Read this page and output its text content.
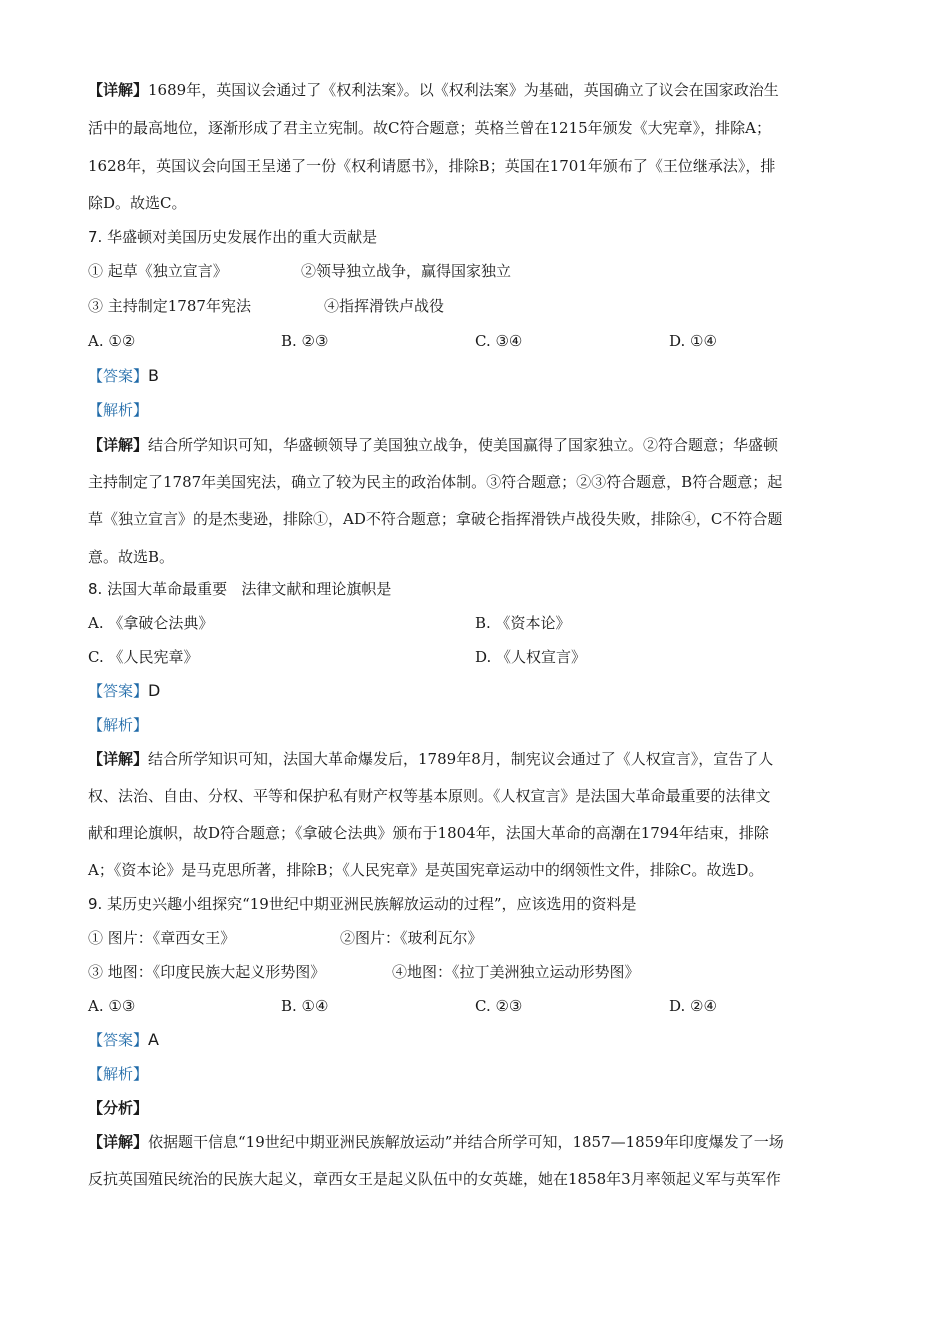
【详解】1689年，英国议会通过了《权利法案》。以《权利法案》为基础，英国确立了议会在国家政治生
活中的最高地位，逐渐形成了君主立宪制。故C符合题意；英格兰曾在1215年颁发《大宪章》，排除A；
1628年，英国议会向国王呈递了一份《权利请愿书》，排除B；英国在1701年颁布了《王位继承法》，排
除D。故选C。
7. 华盛顿对美国历史发展作出的重大贡献是
① 起草《独立宣言》	②领导独立战争，赢得国家独立
③ 主持制定1787年宪法	④指挥滑铁卢战役
A. ①②	B. ②③	C. ③④	D. ①④
【答案】B
【解析】
【详解】结合所学知识可知，华盛顿领导了美国独立战争，使美国赢得了国家独立。②符合题意；华盛顿
主持制定了1787年美国宪法，确立了较为民主的政治体制。③符合题意；②③符合题意，B符合题意；起
草《独立宣言》的是杰斐逊，排除①，AD不符合题意；拿破仑指挥滑铁卢战役失败，排除④，C不符合题
意。故选B。
8. 法国大革命最重要   法律文献和理论旗帜是
A. 《拿破仑法典》	B. 《资本论》
C. 《人民宪章》	D. 《人权宣言》
【答案】D
【解析】
【详解】结合所学知识可知，法国大革命爆发后，1789年8月，制宪议会通过了《人权宣言》，宣告了人
权、法治、自由、分权、平等和保护私有财产权等基本原则。《人权宣言》是法国大革命最重要的法律文
献和理论旗帜，故D符合题意；《拿破仑法典》颁布于1804年，法国大革命的高潮在1794年结束，排除
A；《资本论》是马克思所著，排除B；《人民宪章》是英国宪章运动中的纲领性文件，排除C。故选D。
9. 某历史兴趣小组探究“19世纪中期亚洲民族解放运动的过程”，应该选用的资料是
① 图片：《章西女王》	②图片：《玻利瓦尔》
③ 地图：《印度民族大起义形势图》	④地图：《拉丁美洲独立运动形势图》
A. ①③	B. ①④	C. ②③	D. ②④
【答案】A
【解析】
【分析】
【详解】依据题干信息“19世纪中期亚洲民族解放运动”并结合所学可知，1857—1859年印度爆发了一场
反抗英国殖民统治的民族大起义，章西女王是起义队伍中的女英雄，她在1858年3月率领起义军与英军作
